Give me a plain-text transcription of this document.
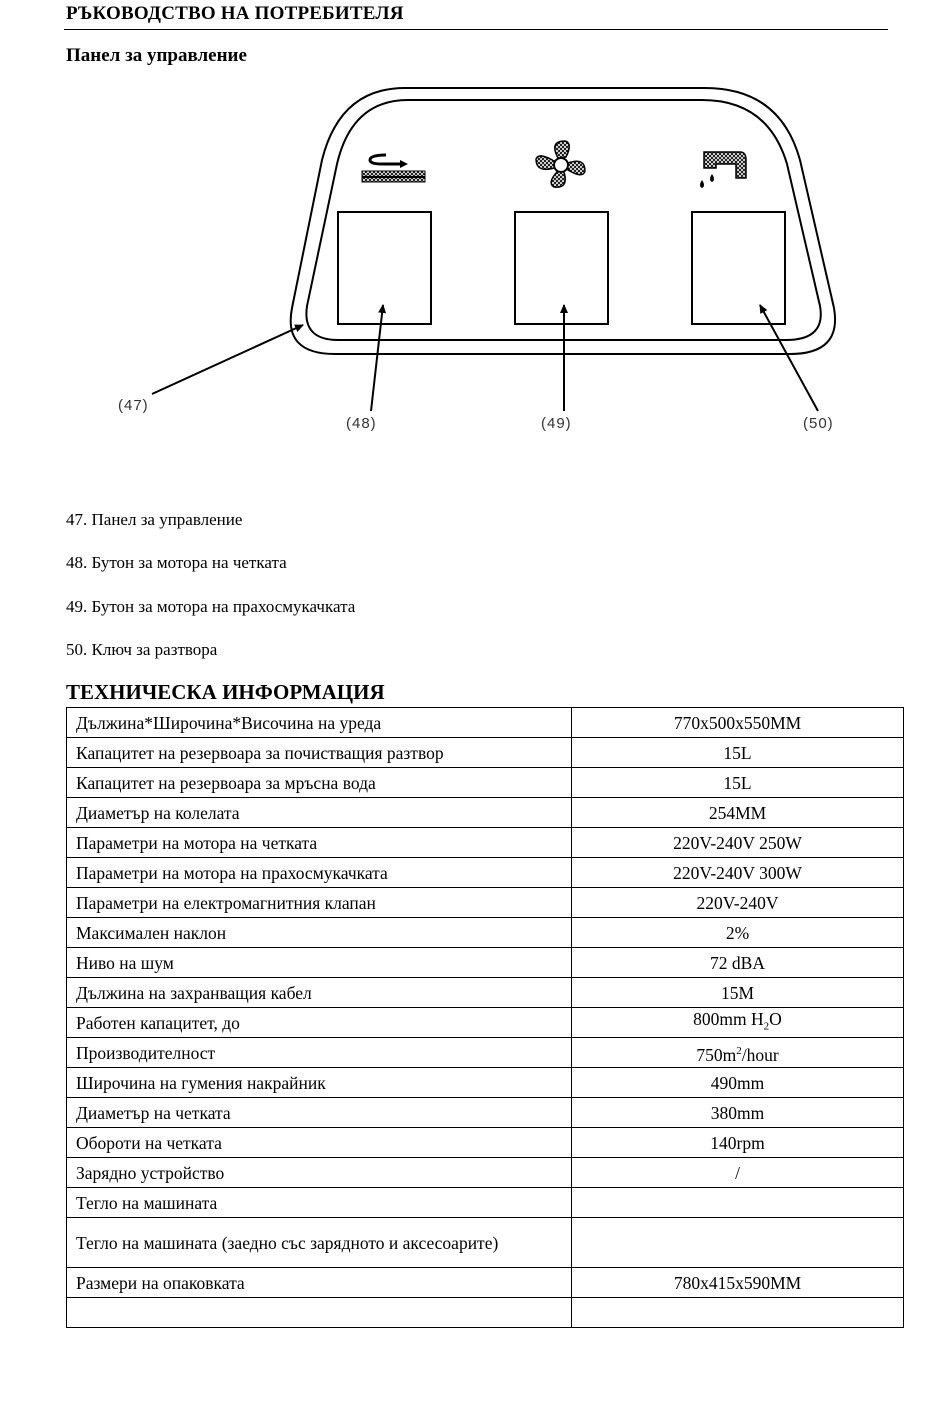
РЪКОВОДСТВО НА ПОТРЕБИТЕЛЯ
Панел за управление
(47)
(48)	(49)	(50)
47. Панел за управление
48. Бутон за мотора на четката
49. Бутон за мотора на прахосмукачката
50. Ключ за разтвора
ТЕХНИЧЕСКА ИНФОРМАЦИЯ
Дължина*Широчина*Височина на уреда	770x500x550MM
Капацитет на резервоара за почистващия разтвор	15L
Капацитет на резервоара за мръсна вода	15L
Диаметър на колелата	254MM
Параметри на мотора на четката	220V-240V 250W
Параметри на мотора на прахосмукачката	220V-240V 300W
Параметри на електромагнитния клапан	220V-240V
Максимален наклон	2%
Ниво на шум	72 dBA
Дължина на захранващия кабел	15M
Работен капацитет, до	800mm $H_2O$
Производителност	$750m^2$/hour
Широчина на гумения накрайник	490mm
Диаметър на четката	380mm
Обороти на четката	140rpm
Зарядно устройство	/
Тегло на машината	
Тегло на машината (заедно със зарядното и аксесоарите)	
Размери на опаковката	780x415x590MM
